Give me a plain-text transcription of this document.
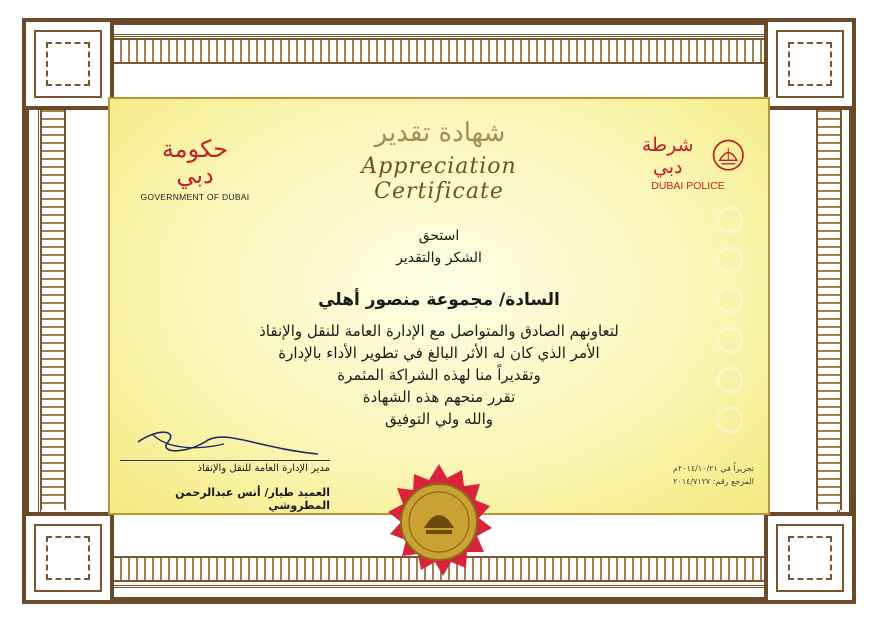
حكومة دبي
GOVERNMENT OF DUBAI
شرطة دبي
DUBAI POLICE
شهادة تقدير
Appreciation Certificate
استحق
الشكر والتقدير
السادة/ مجموعة منصور أهلي
لتعاونهم الصادق والمتواصل مع الإدارة العامة للنقل والإنقاذ
الأمر الذي كان له الأثر البالغ في تطوير الأداء بالإدارة
وتقديراً منا لهذه الشراكة المثمرة
تقرر منحهم هذه الشهادة
والله ولي التوفيق
مدير الإدارة العامة للنقل والإنقاذ
العميد طيار/ أنس عبدالرحمن المطروشي
تحريراً في ٢٠١٤/١٠/٢١م
المرجع رقم: ٢٠١٤/٧١٢٧
